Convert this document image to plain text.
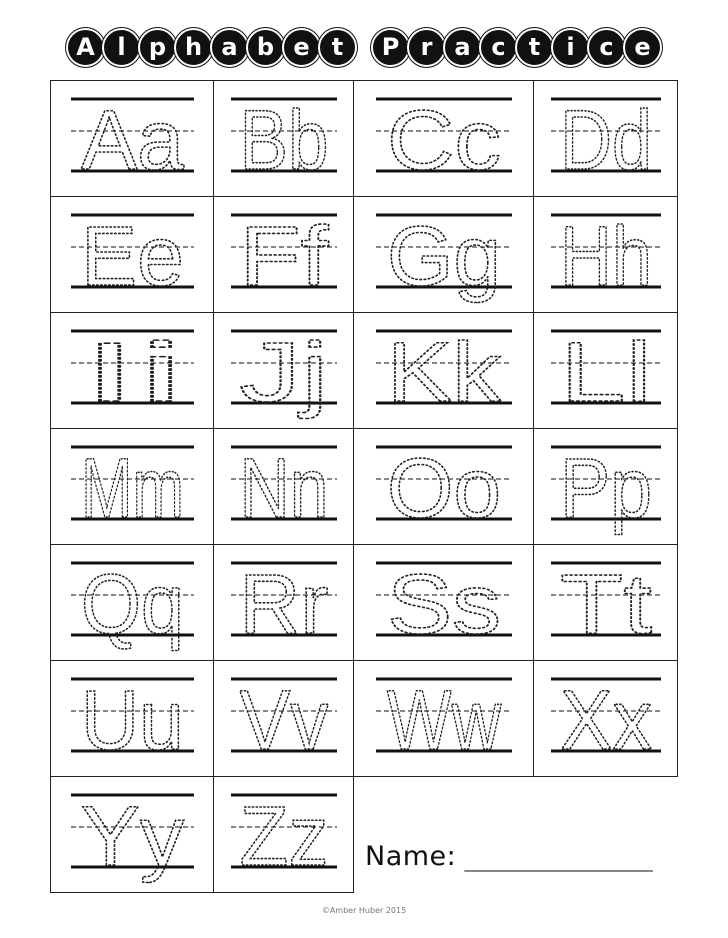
A l p h a b e t	P r a c t	i	c e
Aa Bb Cc Dd
Ee Ff Gg Hh
Ii Jj Kk Ll
Mm Nn Oo Pp
Qq Rr Ss Tt
Uu Vv Ww Xx
Yy Zz Name: ______________
©Amber Huber 2015
